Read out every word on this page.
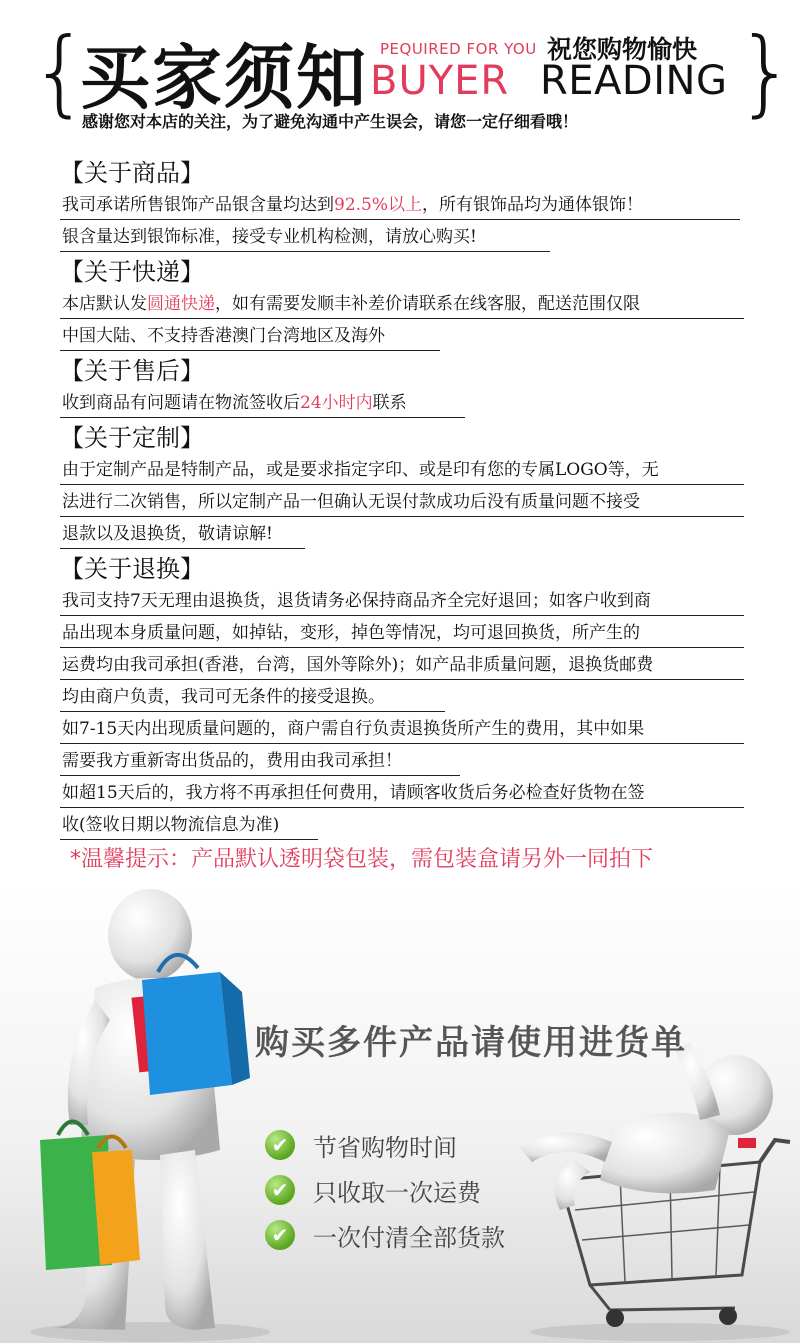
{
买家须知 PEQUIRED FOR YOU
BUYER
祝您购物愉快
READING }
感谢您对本店的关注，为了避免沟通中产生误会，请您一定仔细看哦！
【关于商品】
我司承诺所售银饰产品银含量均达到92.5%以上，所有银饰品均为通体银饰！
银含量达到银饰标准，接受专业机构检测，请放心购买!
【关于快递】
本店默认发圆通快递，如有需要发顺丰补差价请联系在线客服，配送范围仅限
中国大陆、不支持香港澳门台湾地区及海外
【关于售后】
收到商品有问题请在物流签收后24小时内联系
【关于定制】
由于定制产品是特制产品，或是要求指定字印、或是印有您的专属LOGO等，无
法进行二次销售，所以定制产品一但确认无误付款成功后没有质量问题不接受
退款以及退换货，敬请谅解!
【关于退换】
我司支持7天无理由退换货，退货请务必保持商品齐全完好退回；如客户收到商
品出现本身质量问题，如掉钻，变形，掉色等情况，均可退回换货，所产生的
运费均由我司承担(香港，台湾，国外等除外)；如产品非质量问题，退换货邮费
均由商户负责，我司可无条件的接受退换。
如7-15天内出现质量问题的，商户需自行负责退换货所产生的费用，其中如果
需要我方重新寄出货品的，费用由我司承担！
如超15天后的，我方将不再承担任何费用，请顾客收货后务必检查好货物在签
收(签收日期以物流信息为准)
*温馨提示：产品默认透明袋包装，需包装盒请另外一同拍下
购买多件产品请使用进货单
✔ 节省购物时间
✔ 只收取一次运费
✔ 一次付清全部货款
